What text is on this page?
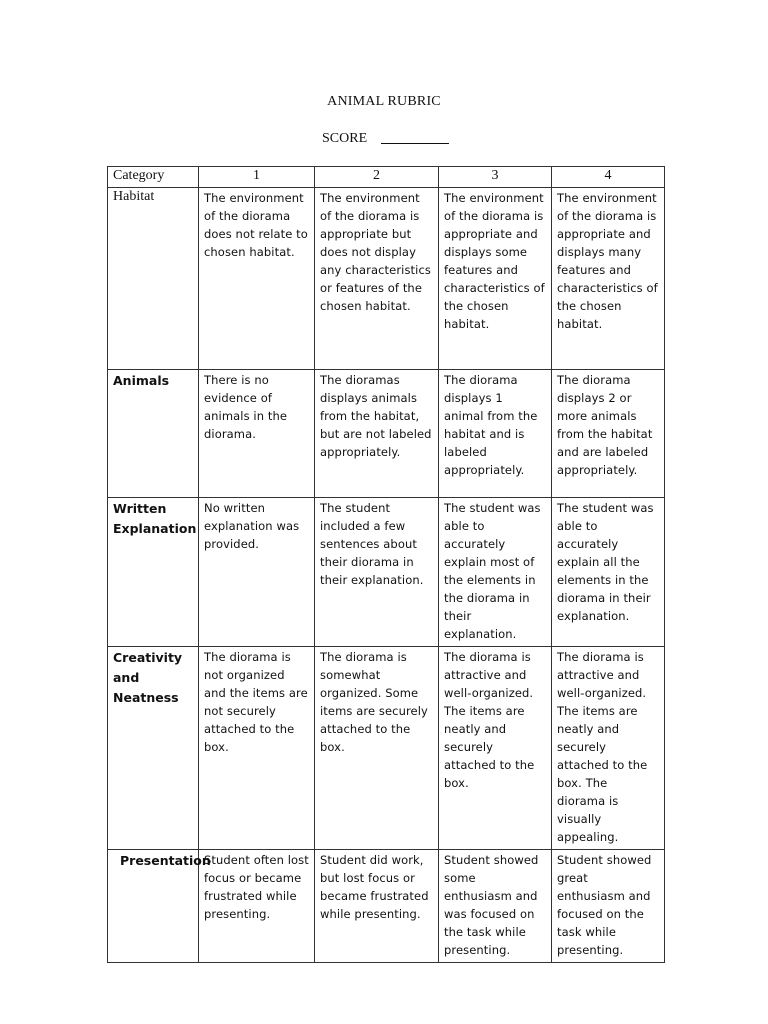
ANIMAL RUBRIC
SCORE
Category	1	2	3	4
Habitat	The environment of the diorama does not relate to chosen habitat.	The environment of the diorama is appropriate but does not display any characteristics or features of the chosen habitat.	The environment of the diorama is appropriate and displays some features and characteristics of the chosen habitat.	The environment of the diorama is appropriate and displays many features and characteristics of the chosen habitat.
Animals	There is no evidence of animals in the diorama.	The dioramas displays animals from the habitat, but are not labeled appropriately.	The diorama displays 1 animal from the habitat and is labeled appropriately.	The diorama displays 2 or more animals from the habitat and are labeled appropriately.
Written Explanation	No written explanation was provided.	The student included a few sentences about their diorama in their explanation.	The student was able to accurately explain most of the elements in the diorama in their explanation.	The student was able to accurately explain all the elements in the diorama in their explanation.
Creativity and Neatness	The diorama is not organized and the items are not securely attached to the box.	The diorama is somewhat organized. Some items are securely attached to the box.	The diorama is attractive and well-organized. The items are neatly and securely attached to the box.	The diorama is attractive and well-organized. The items are neatly and securely attached to the box. The diorama is visually appealing.
Presentation	Student often lost focus or became frustrated while presenting.	Student did work, but lost focus or became frustrated while presenting.	Student showed some enthusiasm and was focused on the task while presenting.	Student showed great enthusiasm and focused on the task while presenting.
